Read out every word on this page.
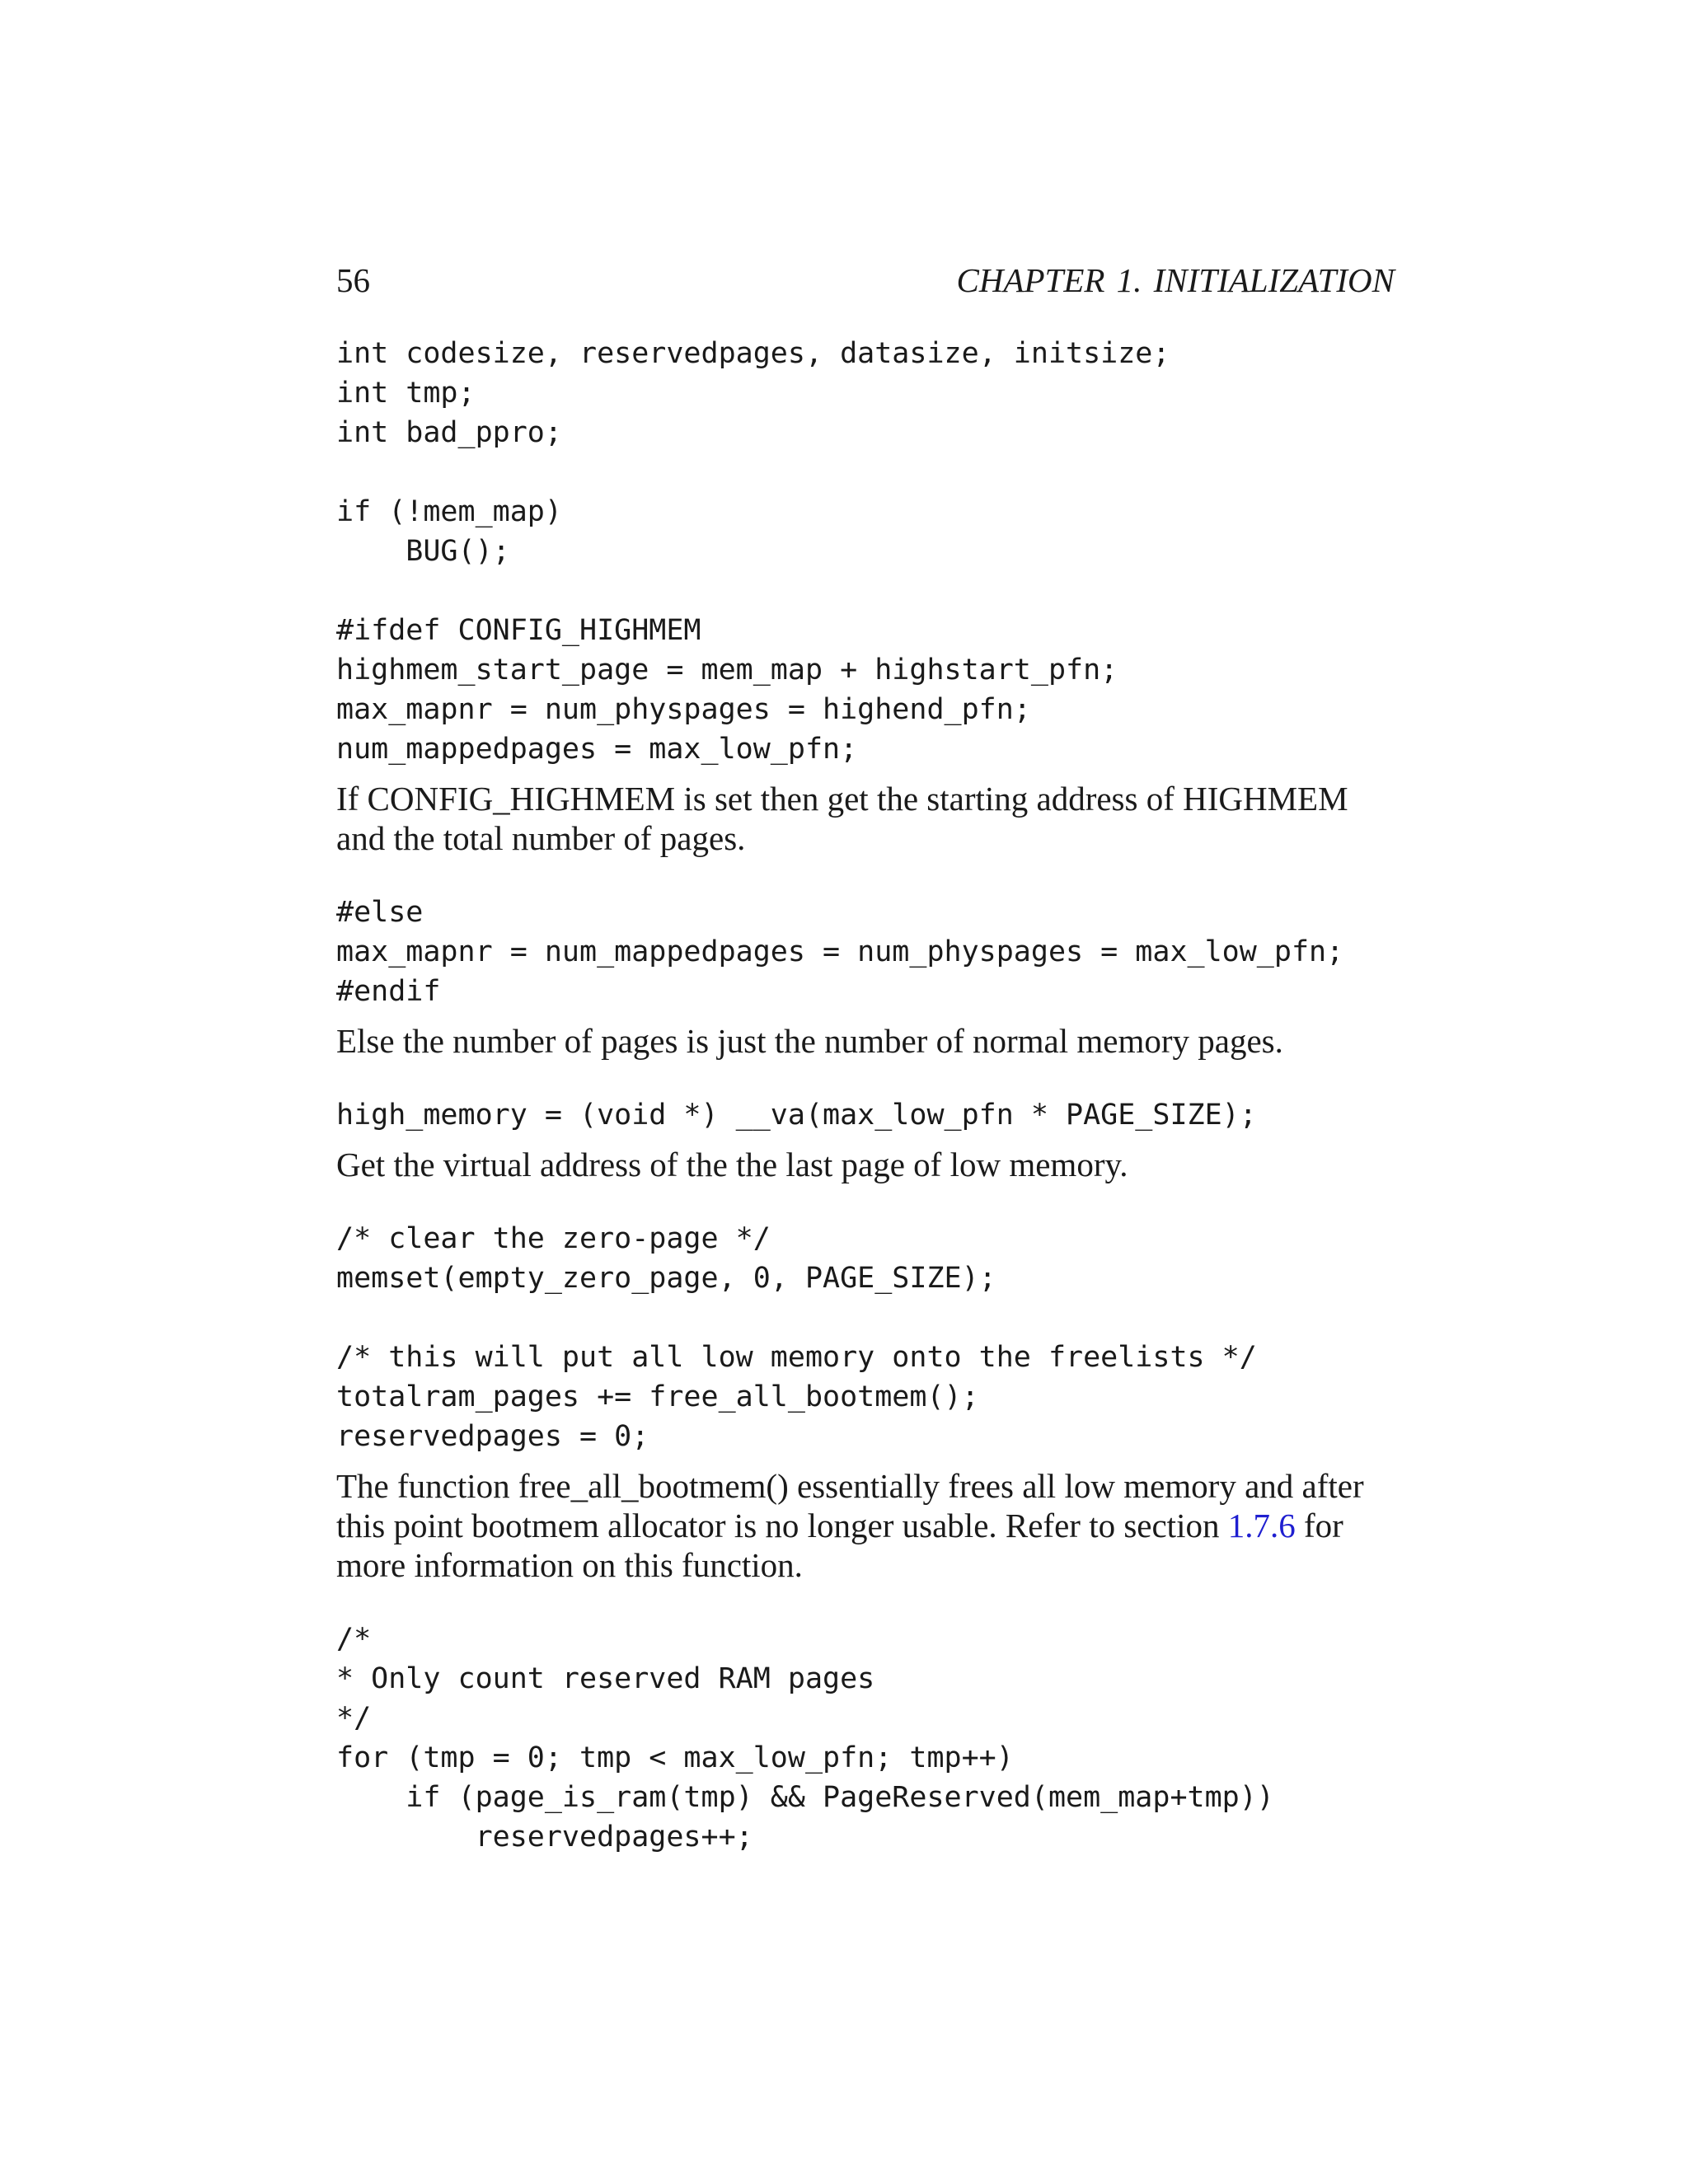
56	CHAPTER 1. INITIALIZATION
int codesize, reservedpages, datasize, initsize;
int tmp;
int bad_ppro;

if (!mem_map)
BUG();

#ifdef CONFIG_HIGHMEM
highmem_start_page = mem_map + highstart_pfn;
max_mapnr = num_physpages = highend_pfn;
num_mappedpages = max_low_pfn;

If CONFIG_HIGHMEM is set then get the starting address of HIGHMEM and the total number of pages.

#else
max_mapnr = num_mappedpages = num_physpages = max_low_pfn;
#endif

Else the number of pages is just the number of normal memory pages.

high_memory = (void *) __va(max_low_pfn * PAGE_SIZE);

Get the virtual address of the the last page of low memory.

/* clear the zero-page */
memset(empty_zero_page, 0, PAGE_SIZE);

/* this will put all low memory onto the freelists */
totalram_pages += free_all_bootmem();
reservedpages = 0;

The function free_all_bootmem() essentially frees all low memory and after this point bootmem allocator is no longer usable. Refer to section 1.7.6 for more information on this function.

/*
* Only count reserved RAM pages
*/
for (tmp = 0; tmp < max_low_pfn; tmp++)
if (page_is_ram(tmp) && PageReserved(mem_map+tmp))
reservedpages++;
